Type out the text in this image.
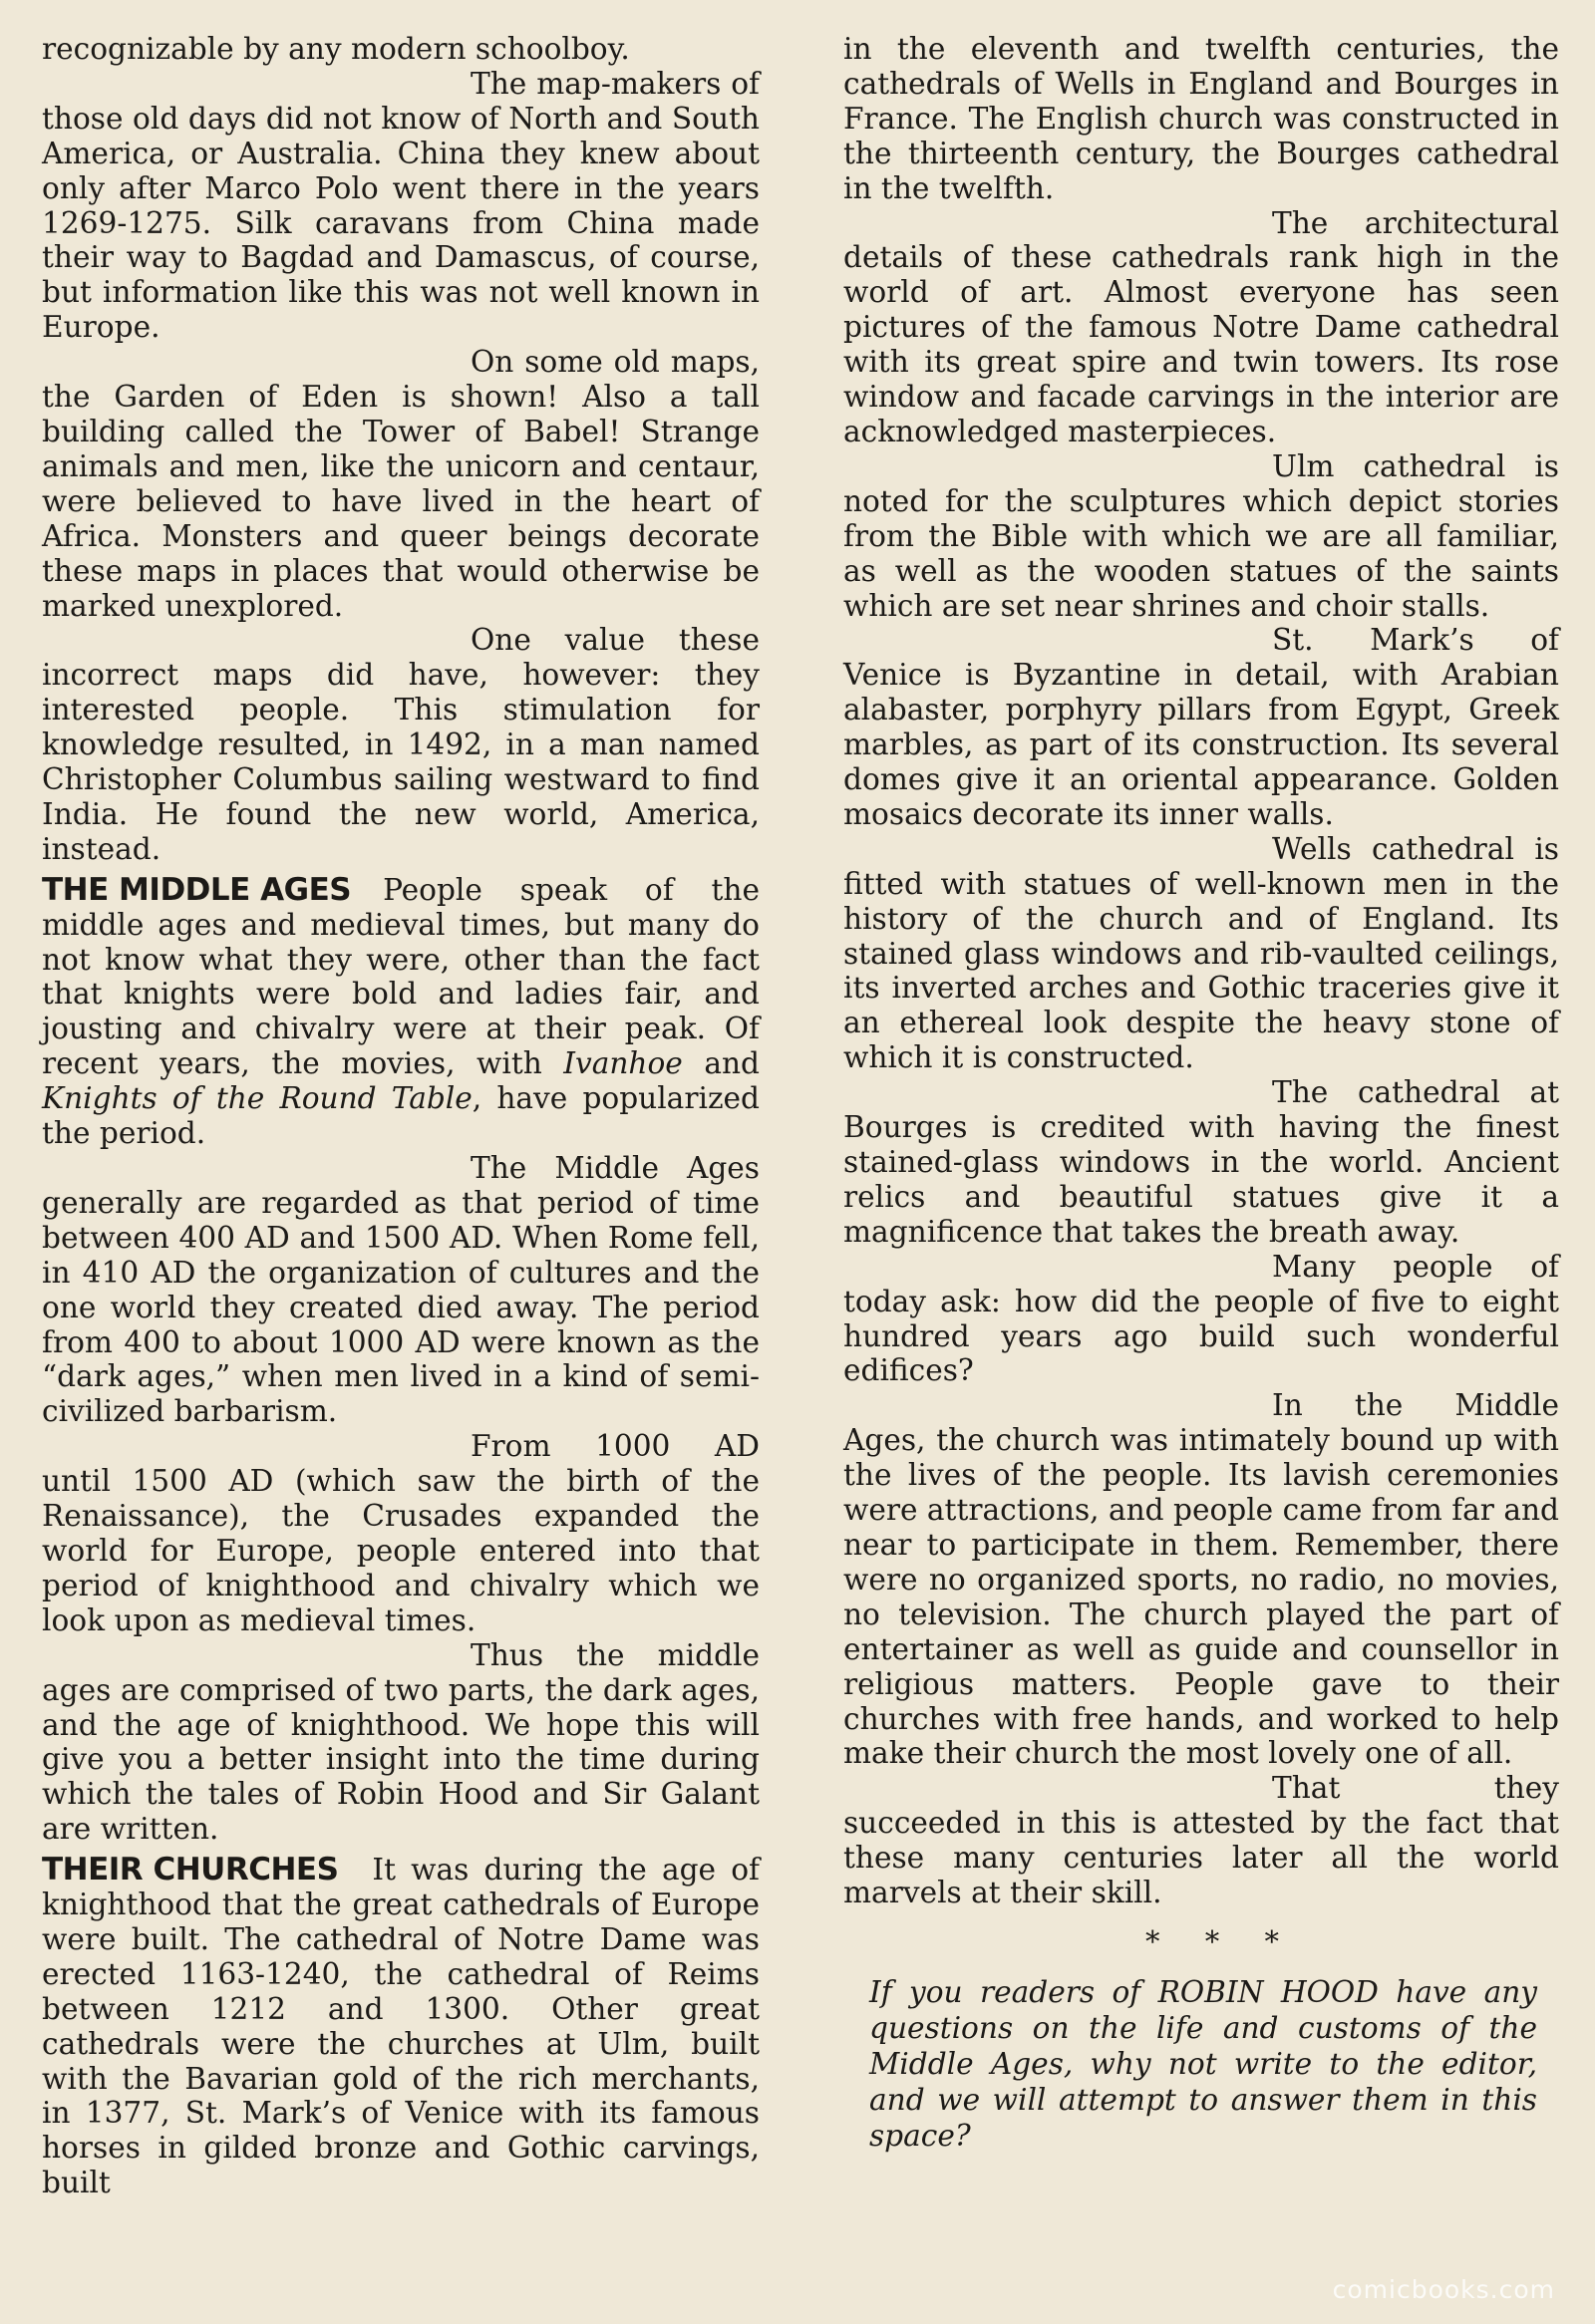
recognizable by any modern schoolboy.

The map-makers of those old days did not know of North and South America, or Australia. China they knew about only after Marco Polo went there in the years 1269-1275. Silk caravans from China made their way to Bagdad and Damascus, of course, but information like this was not well known in Europe.

On some old maps, the Garden of Eden is shown! Also a tall building called the Tower of Babel! Strange animals and men, like the unicorn and centaur, were believed to have lived in the heart of Africa. Monsters and queer beings decorate these maps in places that would otherwise be marked unexplored.

One value these incorrect maps did have, however: they interested people. This stimulation for knowledge resulted, in 1492, in a man named Christopher Columbus sailing westward to find India. He found the new world, America, instead.

THE MIDDLE AGES People speak of the middle ages and medieval times, but many do not know what they were, other than the fact that knights were bold and ladies fair, and jousting and chivalry were at their peak. Of recent years, the movies, with Ivanhoe and Knights of the Round Table, have popularized the period.

The Middle Ages generally are regarded as that period of time between 400 AD and 1500 AD. When Rome fell, in 410 AD the organization of cultures and the one world they created died away. The period from 400 to about 1000 AD were known as the “dark ages,” when men lived in a kind of semi-civilized barbarism.

From 1000 AD until 1500 AD (which saw the birth of the Renaissance), the Crusades expanded the world for Europe, people entered into that period of knighthood and chivalry which we look upon as medieval times.

Thus the middle ages are comprised of two parts, the dark ages, and the age of knighthood. We hope this will give you a better insight into the time during which the tales of Robin Hood and Sir Galant are written.

THEIR CHURCHES It was during the age of knighthood that the great cathedrals of Europe were built. The cathedral of Notre Dame was erected 1163-1240, the cathedral of Reims between 1212 and 1300. Other great cathedrals were the churches at Ulm, built with the Bavarian gold of the rich merchants, in 1377, St. Mark’s of Venice with its famous horses in gilded bronze and Gothic carvings, built

in the eleventh and twelfth centuries, the cathedrals of Wells in England and Bourges in France. The English church was constructed in the thirteenth century, the Bourges cathedral in the twelfth.

The architectural details of these cathedrals rank high in the world of art. Almost everyone has seen pictures of the famous Notre Dame cathedral with its great spire and twin towers. Its rose window and facade carvings in the interior are acknowledged masterpieces.

Ulm cathedral is noted for the sculptures which depict stories from the Bible with which we are all familiar, as well as the wooden statues of the saints which are set near shrines and choir stalls.

St. Mark’s of Venice is Byzantine in detail, with Arabian alabaster, porphyry pillars from Egypt, Greek marbles, as part of its construction. Its several domes give it an oriental appearance. Golden mosaics decorate its inner walls.

Wells cathedral is fitted with statues of well-known men in the history of the church and of England. Its stained glass windows and rib-vaulted ceilings, its inverted arches and Gothic traceries give it an ethereal look despite the heavy stone of which it is constructed.

The cathedral at Bourges is credited with having the finest stained-glass windows in the world. Ancient relics and beautiful statues give it a magnificence that takes the breath away.

Many people of today ask: how did the people of five to eight hundred years ago build such wonderful edifices?

In the Middle Ages, the church was intimately bound up with the lives of the people. Its lavish ceremonies were attractions, and people came from far and near to participate in them. Remember, there were no organized sports, no radio, no movies, no television. The church played the part of entertainer as well as guide and counsellor in religious matters. People gave to their churches with free hands, and worked to help make their church the most lovely one of all.

That they succeeded in this is attested by the fact that these many centuries later all the world marvels at their skill.

* * *

If you readers of ROBIN HOOD have any questions on the life and customs of the Middle Ages, why not write to the editor, and we will attempt to answer them in this space?

comicbooks.com
